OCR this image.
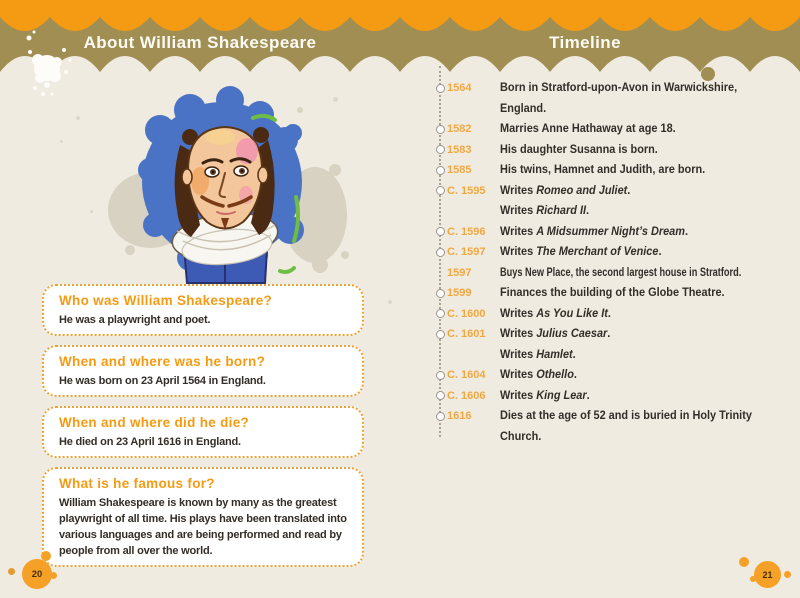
About William Shakespeare	Timeline

Who was William Shakespeare?

He was a playwright and poet.

When and where was he born?

He was born on 23 April 1564 in England.

When and where did he die?

He died on 23 April 1616 in England.

What is he famous for?

William Shakespeare is known by many as the greatest playwright of all time. His plays have been translated into various languages and are being performed and read by people from all over the world.

1564 Born in Stratford-upon-Avon in Warwickshire,
England.
1582 Marries Anne Hathaway at age 18.
1583 His daughter Susanna is born.
1585 His twins, Hamnet and Judith, are born.
C. 1595 Writes Romeo and Juliet.
Writes Richard II.
C. 1596 Writes A Midsummer Night’s Dream.
C. 1597 Writes The Merchant of Venice.
1597 Buys New Place, the second largest house in Stratford.
1599 Finances the building of the Globe Theatre.
C. 1600 Writes As You Like It.
C. 1601 Writes Julius Caesar.
Writes Hamlet.
C. 1604 Writes Othello.
C. 1606 Writes King Lear.
1616 Dies at the age of 52 and is buried in Holy Trinity
Church.
20	21
